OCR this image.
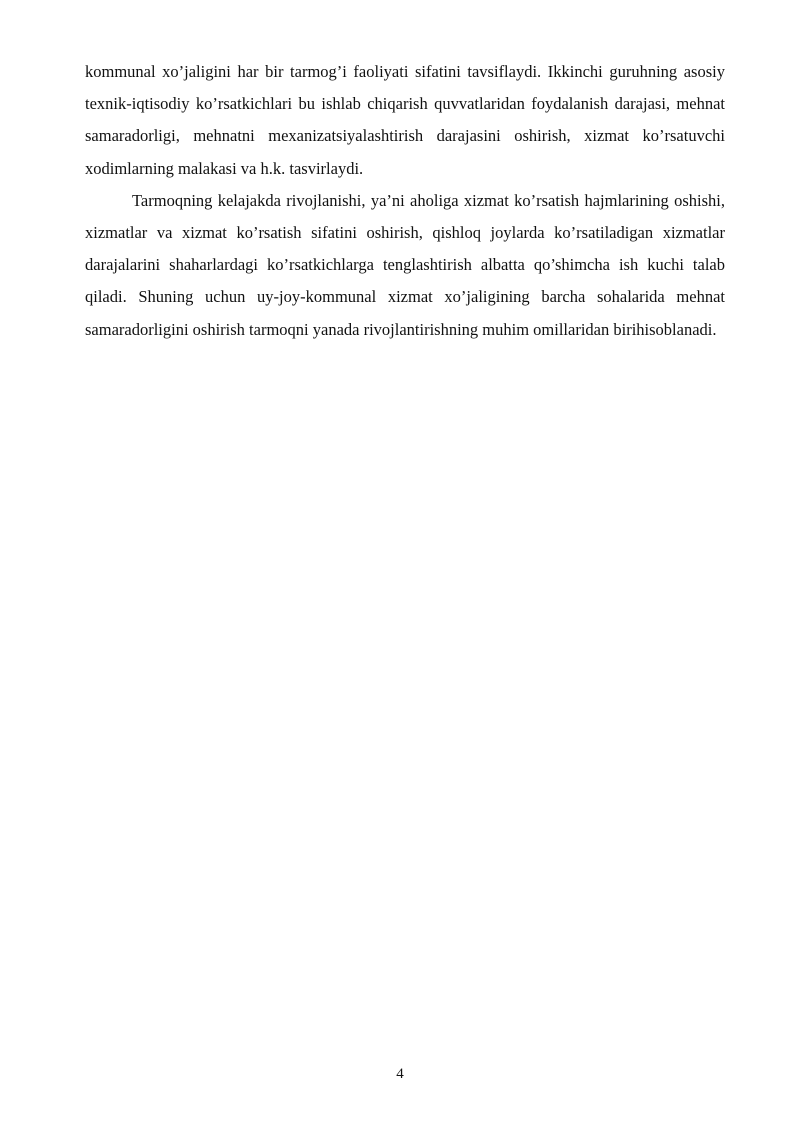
kommunal xo’jaligini har bir tarmog’i faoliyati sifatini tavsiflaydi. Ikkinchi guruhning asosiy texnik-iqtisodiy ko’rsatkichlari bu ishlab chiqarish quvvatlaridan foydalanish darajasi, mehnat samaradorligi, mehnatni mexanizatsiyalashtirish darajasini oshirish, xizmat ko’rsatuvchi xodimlarning malakasi va h.k. tasvirlaydi.

Tarmoqning kelajakda rivojlanishi, ya’ni aholiga xizmat ko’rsatish hajmlarining oshishi, xizmatlar va xizmat ko’rsatish sifatini oshirish, qishloq joylarda ko’rsatiladigan xizmatlar darajalarini shaharlardagi ko’rsatkichlarga tenglashtirish albatta qo’shimcha ish kuchi talab qiladi. Shuning uchun uy-joy-kommunal xizmat xo’jaligining barcha sohalarida mehnat samaradorligini oshirish tarmoqni yanada rivojlantirishning muhim omillaridan birihisoblanadi.

4
